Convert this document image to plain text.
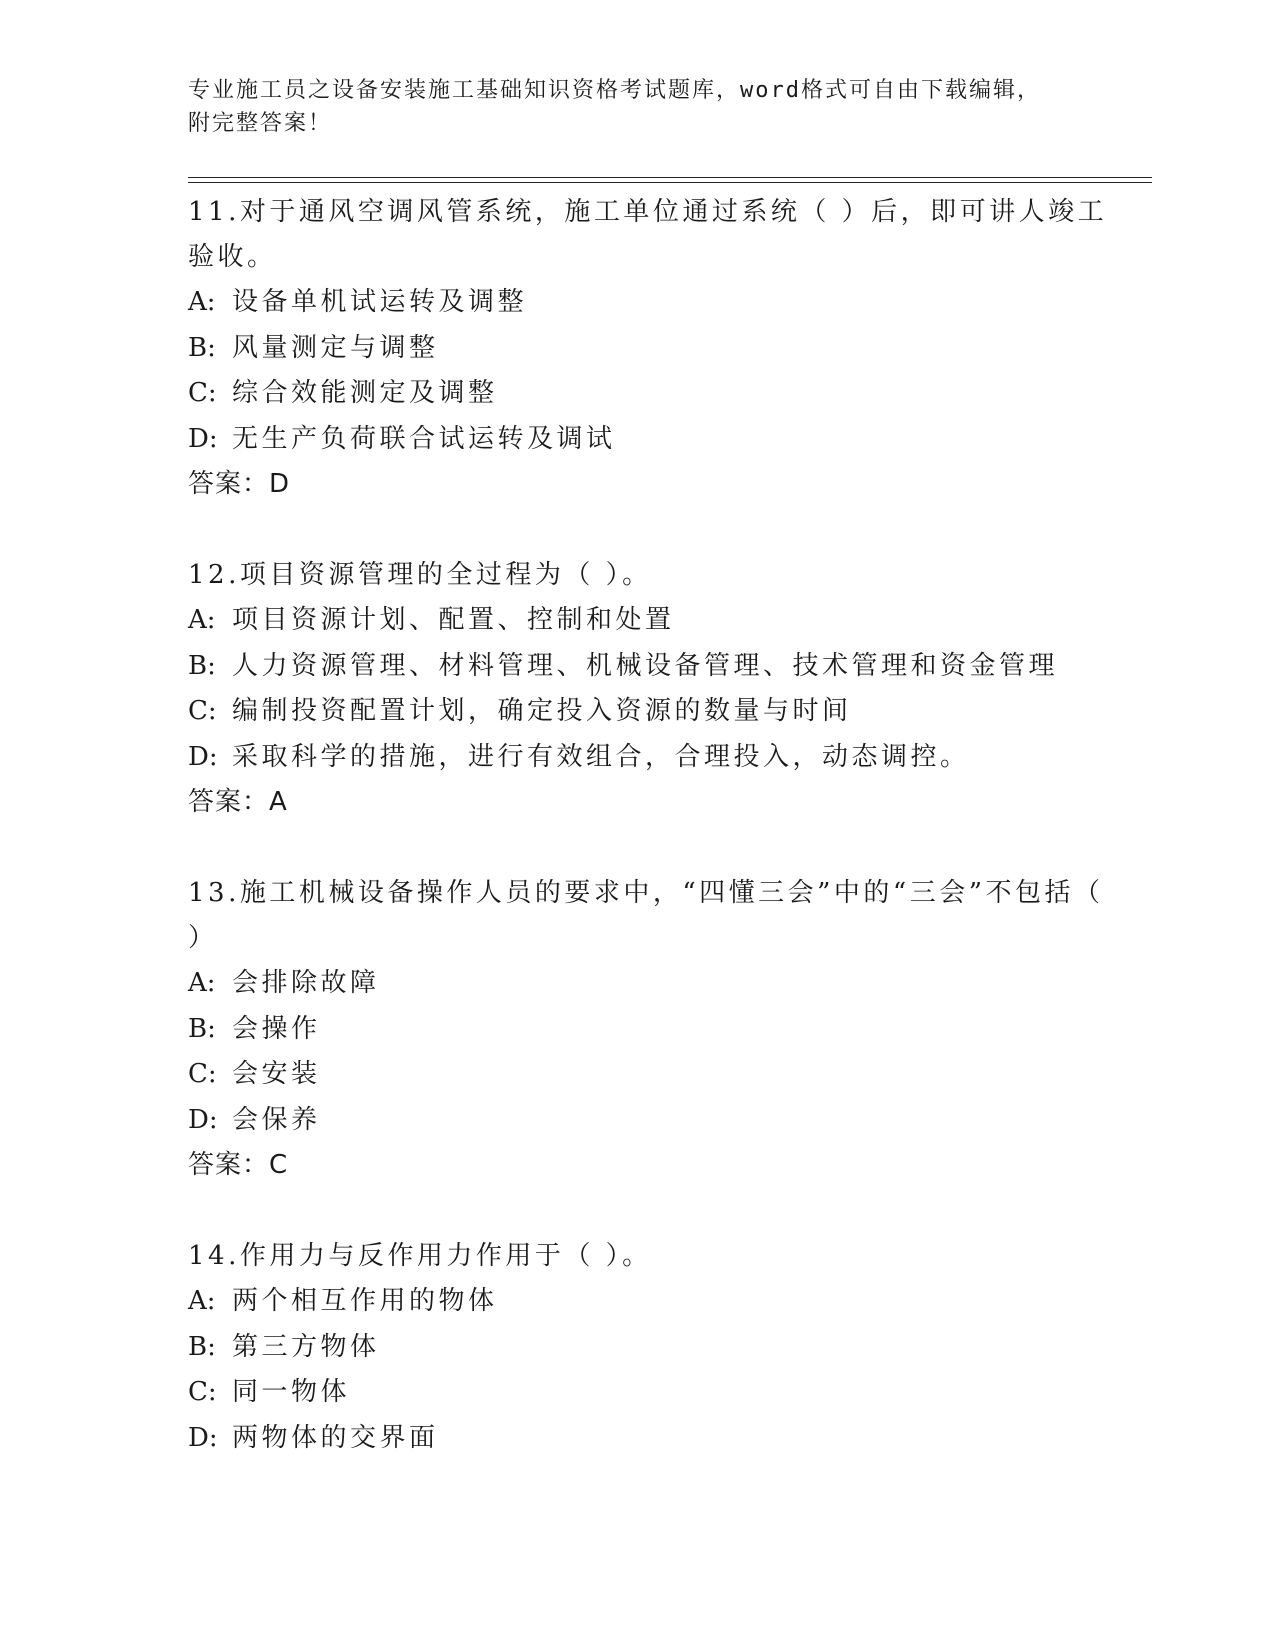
专业施工员之设备安装施工基础知识资格考试题库，word格式可自由下载编辑，
附完整答案！
11.对于通风空调风管系统，施工单位通过系统（ ）后，即可讲人竣工验收。
A: 设备单机试运转及调整
B: 风量测定与调整
C: 综合效能测定及调整
D: 无生产负荷联合试运转及调试
答案：D
12.项目资源管理的全过程为（ ）。
A: 项目资源计划、配置、控制和处置
B: 人力资源管理、材料管理、机械设备管理、技术管理和资金管理
C: 编制投资配置计划，确定投入资源的数量与时间
D: 采取科学的措施，进行有效组合，合理投入，动态调控。
答案：A
13.施工机械设备操作人员的要求中，“四懂三会”中的“三会”不包括（ ）
A: 会排除故障
B: 会操作
C: 会安装
D: 会保养
答案：C
14.作用力与反作用力作用于（ ）。
A: 两个相互作用的物体
B: 第三方物体
C: 同一物体
D: 两物体的交界面
